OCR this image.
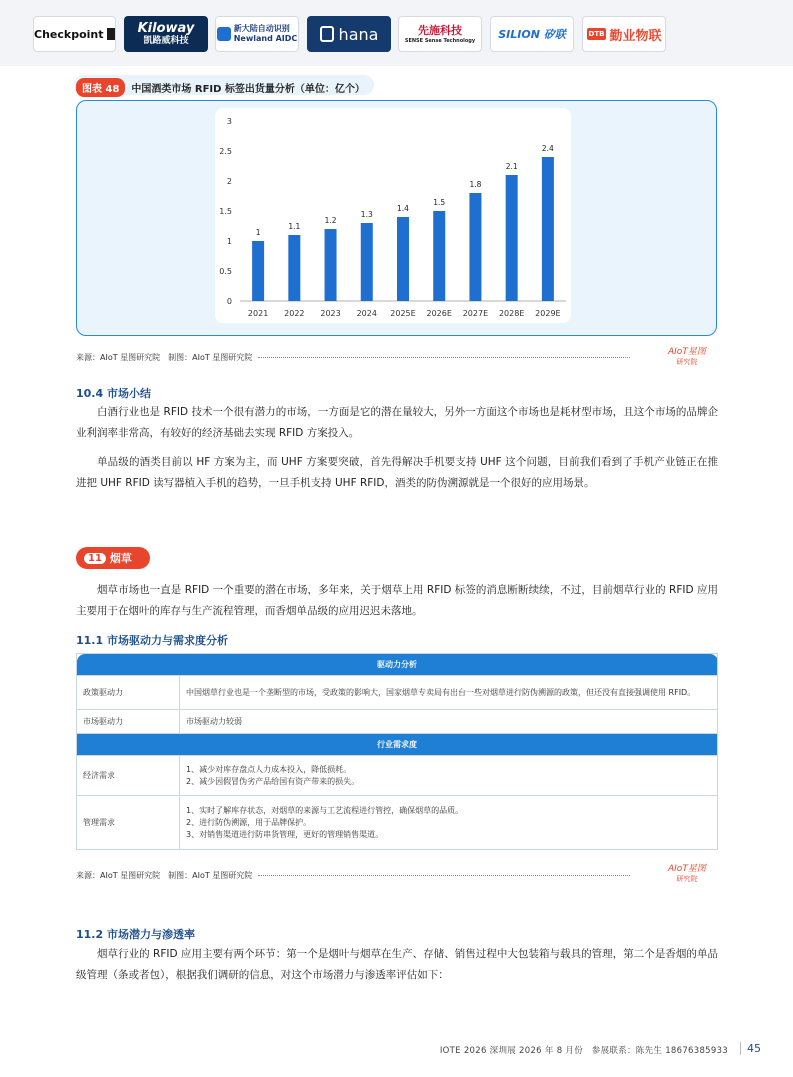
Checkpoint	Kiloway
凯路威科技
新大陆自动识别
Newland AIDC	hana	先施科技
SENSE Sense Technology SILION 矽联	DTB 勤业物联
图表 48	中国酒类市场 RFID 标签出货量分析（单位：亿个）
0
0.5
1
1.5
2
2.5
3
1
2021
1.1
2022
1.2
2023
1.3
2024
1.4
2025E
1.5
2026E
1.8
2027E
2.1
2028E
2.4
2029E
来源：AIoT 星图研究院　制图：AIoT 星图研究院
AIoT星图
研究院
10.4 市场小结
白酒行业也是 RFID 技术一个很有潜力的市场，一方面是它的潜在量较大，另外一方面这个市场也是耗材型市场，且这个市场的品牌企业利润率非常高，有较好的经济基础去实现 RFID 方案投入。
单品级的酒类目前以 HF 方案为主，而 UHF 方案要突破，首先得解决手机要支持 UHF 这个问题，目前我们看到了手机产业链正在推进把 UHF RFID 读写器植入手机的趋势，一旦手机支持 UHF RFID，酒类的防伪溯源就是一个很好的应用场景。
11 烟草
烟草市场也一直是 RFID 一个重要的潜在市场，多年来，关于烟草上用 RFID 标签的消息断断续续，不过，目前烟草行业的 RFID 应用主要用于在烟叶的库存与生产流程管理，而香烟单品级的应用迟迟未落地。
11.1 市场驱动力与需求度分析
驱动力分析	
政策驱动力	中国烟草行业也是一个垄断型的市场，受政策的影响大，国家烟草专卖局有出台一些对烟草进行防伪溯源的政策，但还没有直接强调使用 RFID。
市场驱动力	市场驱动力较弱
行业需求度	
经济需求	1、减少对库存盘点人力成本投入，降低损耗。
2、减少因假冒伪劣产品给国有资产带来的损失。

管理需求	1、实时了解库存状态，对烟草的来源与工艺流程进行管控，确保烟草的品质。
2、进行防伪溯源，用于品牌保护。
3、对销售渠道进行防串货管理，更好的管理销售渠道。
来源：AIoT 星图研究院　制图：AIoT 星图研究院
AIoT星图
研究院
11.2 市场潜力与渗透率
烟草行业的 RFID 应用主要有两个环节：第一个是烟叶与烟草在生产、存储、销售过程中大包装箱与载具的管理，第二个是香烟的单品级管理（条或者包），根据我们调研的信息，对这个市场潜力与渗透率评估如下：
IOTE 2026 深圳展 2026 年 8 月份　参展联系：陈先生 18676385933	45
